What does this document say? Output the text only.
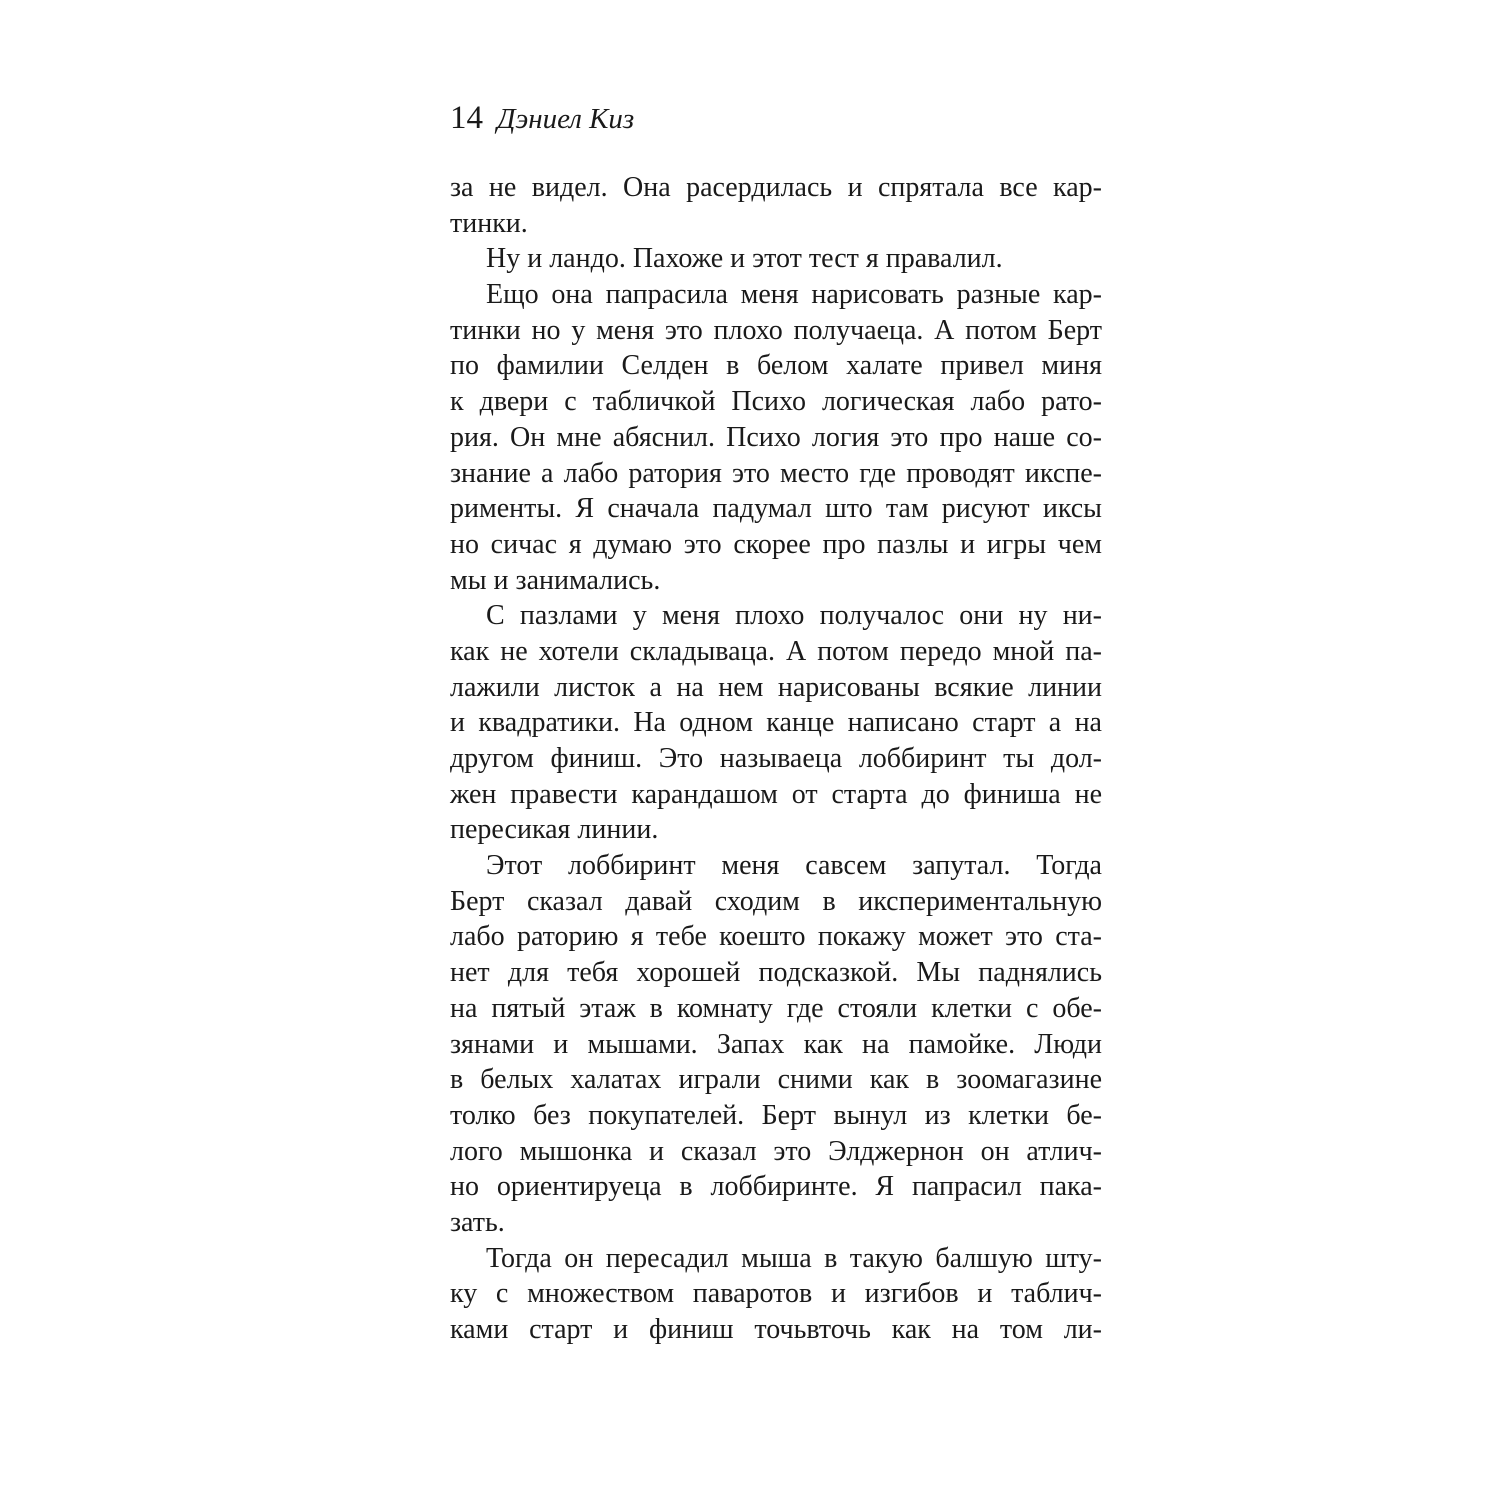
14 Дэниел Киз
за не видел. Она расердилась и спрятала все кар-
тинки.
Ну и ландо. Пахоже и этот тест я правалил.
Ещо она папрасила меня нарисовать разные кар-
тинки но у меня это плохо получаеца. А потом Берт
по фамилии Селден в белом халате привел миня
к двери с табличкой Психо логическая лабо рато-
рия. Он мне абяснил. Психо логия это про наше со-
знание а лабо ратория это место где проводят икспе-
рименты. Я сначала падумал што там рисуют иксы
но сичас я думаю это скорее про пазлы и игры чем
мы и занимались.
С пазлами у меня плохо получалос они ну ни-
как не хотели складываца. А потом передо мной па-
лажили листок а на нем нарисованы всякие линии
и квадратики. На одном канце написано старт а на
другом финиш. Это называеца лоббиринт ты дол-
жен правести карандашом от старта до финиша не
пересикая линии.
Этот лоббиринт меня савсем запутал. Тогда
Берт сказал давай сходим в икспериментальную
лабо раторию я тебе коешто покажу может это ста-
нет для тебя хорошей подсказкой. Мы паднялись
на пятый этаж в комнату где стояли клетки с обе-
зянами и мышами. Запах как на памойке. Люди
в белых халатах играли сними как в зоомагазине
толко без покупателей. Берт вынул из клетки бе-
лого мышонка и сказал это Элджернон он атлич-
но ориентируеца в лоббиринте. Я папрасил пака-
зать.
Тогда он пересадил мыша в такую балшую шту-
ку с множеством паваротов и изгибов и таблич-
ками старт и финиш точьвточь как на том ли-
